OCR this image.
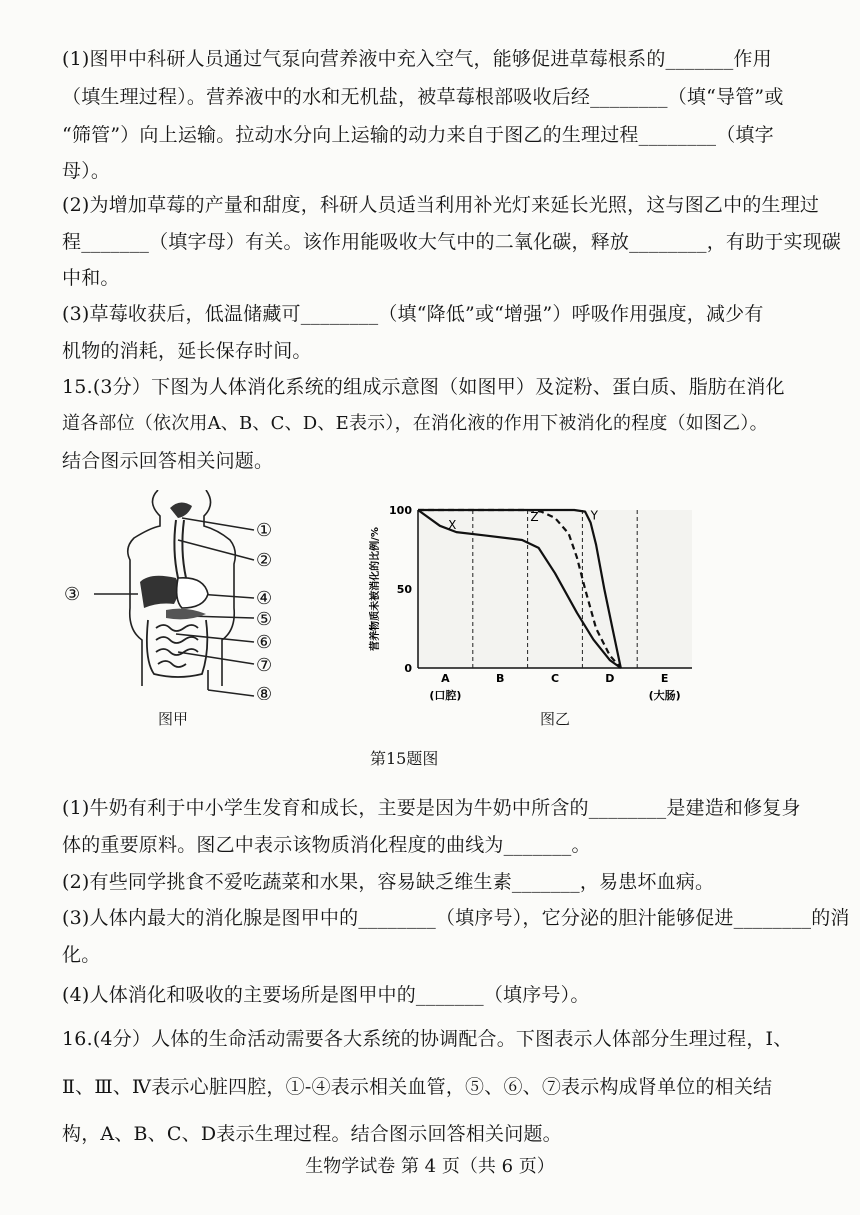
(1)图甲中科研人员通过气泵向营养液中充入空气，能够促进草莓根系的_______作用
（填生理过程）。营养液中的水和无机盐，被草莓根部吸收后经________（填“导管”或
“筛管”）向上运输。拉动水分向上运输的动力来自于图乙的生理过程________（填字
母）。
(2)为增加草莓的产量和甜度，科研人员适当利用补光灯来延长光照，这与图乙中的生理过
程_______（填字母）有关。该作用能吸收大气中的二氧化碳，释放________，有助于实现碳
中和。
(3)草莓收获后，低温储藏可________（填“降低”或“增强”）呼吸作用强度，减少有
机物的消耗，延长保存时间。
15.(3分）下图为人体消化系统的组成示意图（如图甲）及淀粉、蛋白质、脂肪在消化
道各部位（依次用A、B、C、D、E表示），在消化液的作用下被消化的程度（如图乙）。
结合图示回答相关问题。
①
②
③	④
⑤
⑥
⑦
⑧
图甲
0
50
100
A
(口腔)
B	C	D	E
(大肠)
营养物质未被消化的比例/%
X
Z	Y
图乙
第15题图
(1)牛奶有利于中小学生发育和成长，主要是因为牛奶中所含的________是建造和修复身
体的重要原料。图乙中表示该物质消化程度的曲线为_______。
(2)有些同学挑食不爱吃蔬菜和水果，容易缺乏维生素_______，易患坏血病。
(3)人体内最大的消化腺是图甲中的________（填序号），它分泌的胆汁能够促进________的消
化。
(4)人体消化和吸收的主要场所是图甲中的_______（填序号）。
16.(4分）人体的生命活动需要各大系统的协调配合。下图表示人体部分生理过程，Ⅰ、
Ⅱ、Ⅲ、Ⅳ表示心脏四腔，①-④表示相关血管，⑤、⑥、⑦表示构成肾单位的相关结
构，A、B、C、D表示生理过程。结合图示回答相关问题。
生物学试卷 第 4 页（共 6 页）
